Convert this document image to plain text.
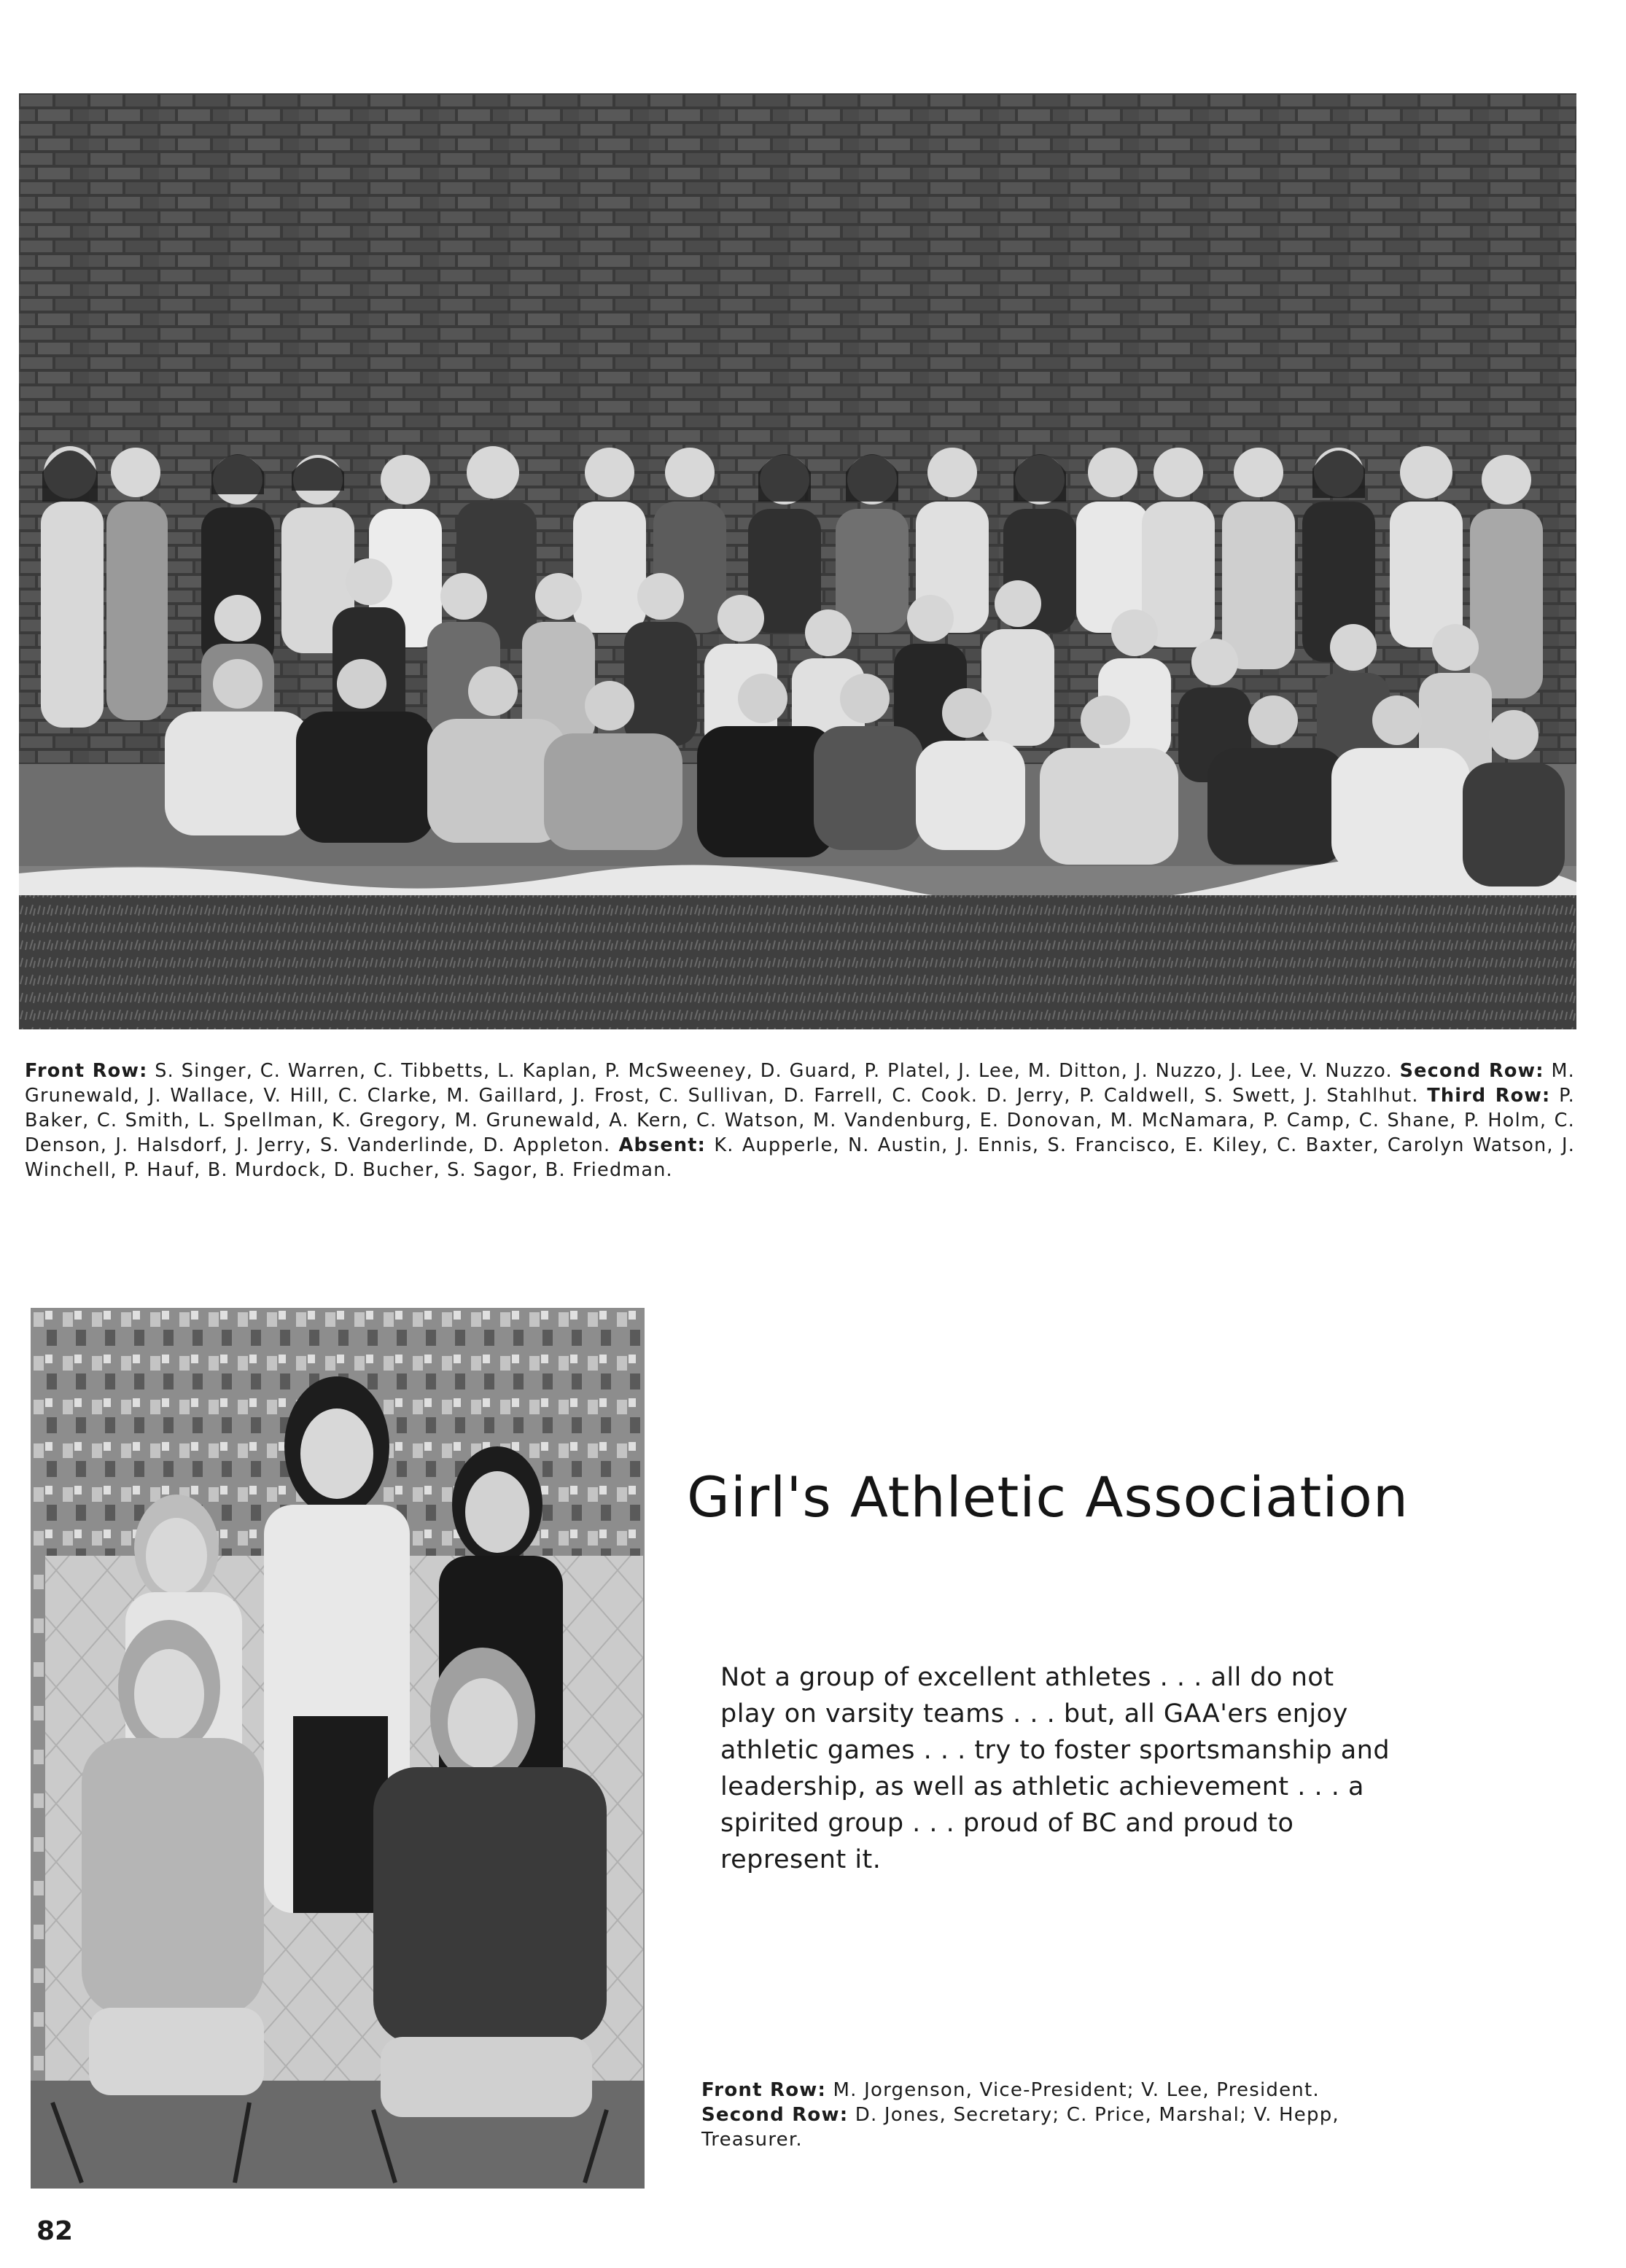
Front Row: S. Singer, C. Warren, C. Tibbetts, L. Kaplan, P. McSweeney, D. Guard, P. Platel, J. Lee, M. Ditton, J. Nuzzo, J. Lee, V. Nuzzo. Second Row: M. Grunewald, J. Wallace, V. Hill, C. Clarke, M. Gaillard, J. Frost, C. Sullivan, D. Farrell, C. Cook. D. Jerry, P. Caldwell, S. Swett, J. Stahlhut. Third Row: P. Baker, C. Smith, L. Spellman, K. Gregory, M. Grunewald, A. Kern, C. Watson, M. Vandenburg, E. Donovan, M. McNamara, P. Camp, C. Shane, P. Holm, C. Denson, J. Halsdorf, J. Jerry, S. Vanderlinde, D. Appleton. Absent: K. Aupperle, N. Austin, J. Ennis, S. Francisco, E. Kiley, C. Baxter, Carolyn Watson, J. Winchell, P. Hauf, B. Murdock, D. Bucher, S. Sagor, B. Friedman.

Girl's Athletic Association

Not a group of excellent athletes . . . all do not play on varsity teams . . . but, all GAA'ers enjoy athletic games . . . try to foster sportsmanship and leadership, as well as athletic achievement . . . a spirited group . . . proud of BC and proud to represent it.

Front Row: M. Jorgenson, Vice-President; V. Lee, President.
Second Row: D. Jones, Secretary; C. Price, Marshal; V. Hepp, Treasurer.

82
